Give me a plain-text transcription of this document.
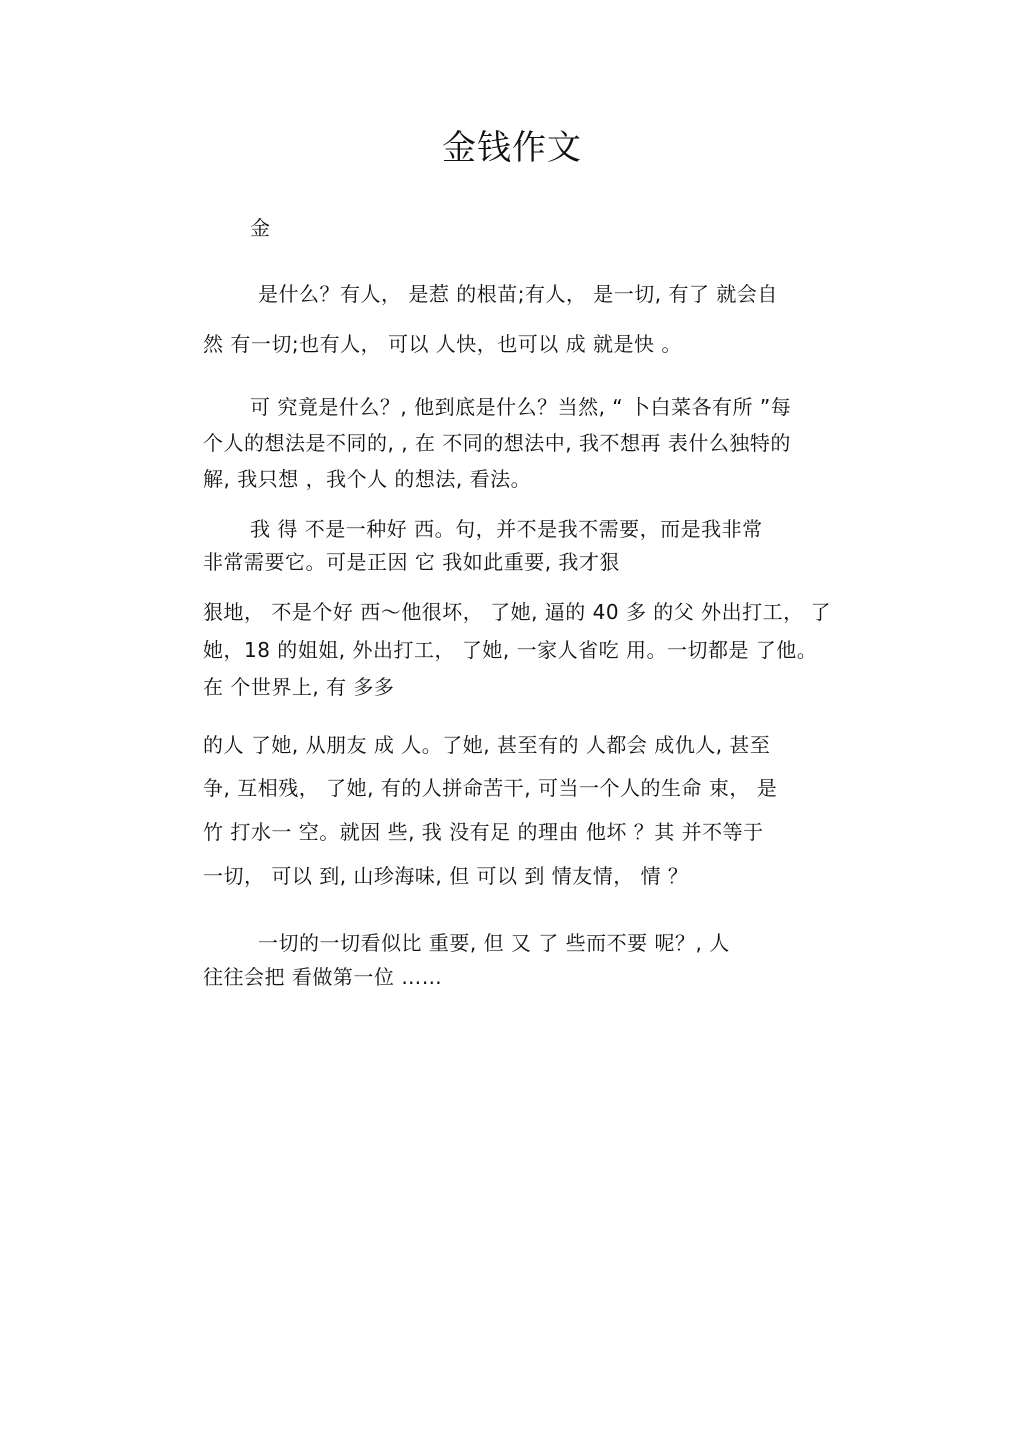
金钱作文
金
是什么？有人， 是惹 的根苗;有人， 是一切, 有了 就会自
然 有一切;也有人， 可以 人快，也可以 成 就是快 。
可 究竟是什么？, 他到底是什么？当然, “ 卜白菜各有所 ”每
个人的想法是不同的, , 在 不同的想法中, 我不想再 表什么独特的
解, 我只想 ，我个人 的想法, 看法。
我 得 不是一种好 西。句，并不是我不需要，而是我非常
非常需要它。可是正因 它 我如此重要, 我才狠
狠地， 不是个好 西～他很坏， 了她, 逼的 40 多 的父 外出打工， 了
她，18 的姐姐, 外出打工， 了她, 一家人省吃 用。一切都是 了他。
在 个世界上, 有 多多
的人 了她, 从朋友 成 人。了她, 甚至有的 人都会 成仇人, 甚至
争, 互相残， 了她, 有的人拼命苦干, 可当一个人的生命 束， 是
竹 打水一 空。就因 些, 我 没有足 的理由 他坏 ？其 并不等于
一切， 可以 到, 山珍海味, 但 可以 到 情友情， 情 ？
一切的一切看似比 重要, 但 又 了 些而不要 呢？, 人
往往会把 看做第一位 ……
